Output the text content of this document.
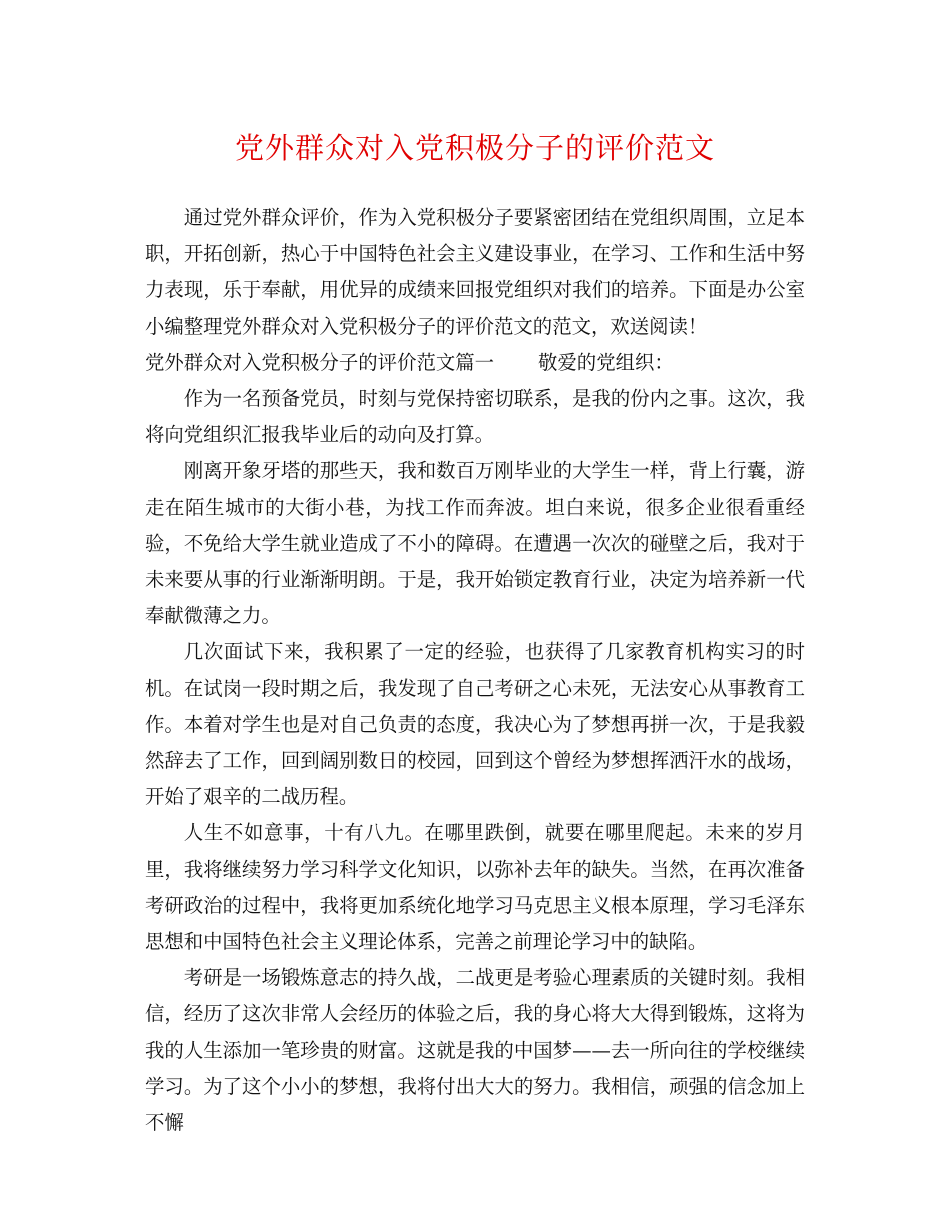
党外群众对入党积极分子的评价范文

通过党外群众评价，作为入党积极分子要紧密团结在党组织周围，立足本职，开拓创新，热心于中国特色社会主义建设事业，在学习、工作和生活中努力表现，乐于奉献，用优异的成绩来回报党组织对我们的培养。下面是办公室小编整理党外群众对入党积极分子的评价范文的范文，欢送阅读！

党外群众对入党积极分子的评价范文篇一 敬爱的党组织：

作为一名预备党员，时刻与党保持密切联系，是我的份内之事。这次，我将向党组织汇报我毕业后的动向及打算。

刚离开象牙塔的那些天，我和数百万刚毕业的大学生一样，背上行囊，游走在陌生城市的大街小巷，为找工作而奔波。坦白来说，很多企业很看重经验，不免给大学生就业造成了不小的障碍。在遭遇一次次的碰壁之后，我对于未来要从事的行业渐渐明朗。于是，我开始锁定教育行业，决定为培养新一代奉献微薄之力。

几次面试下来，我积累了一定的经验，也获得了几家教育机构实习的时机。在试岗一段时期之后，我发现了自己考研之心未死，无法安心从事教育工作。本着对学生也是对自己负责的态度，我决心为了梦想再拼一次，于是我毅然辞去了工作，回到阔别数日的校园，回到这个曾经为梦想挥洒汗水的战场，开始了艰辛的二战历程。

人生不如意事，十有八九。在哪里跌倒，就要在哪里爬起。未来的岁月里，我将继续努力学习科学文化知识，以弥补去年的缺失。当然，在再次准备考研政治的过程中，我将更加系统化地学习马克思主义根本原理，学习毛泽东思想和中国特色社会主义理论体系，完善之前理论学习中的缺陷。

考研是一场锻炼意志的持久战，二战更是考验心理素质的关键时刻。我相信，经历了这次非常人会经历的体验之后，我的身心将大大得到锻炼，这将为我的人生添加一笔珍贵的财富。这就是我的中国梦——去一所向往的学校继续学习。为了这个小小的梦想，我将付出大大的努力。我相信，顽强的信念加上不懈
